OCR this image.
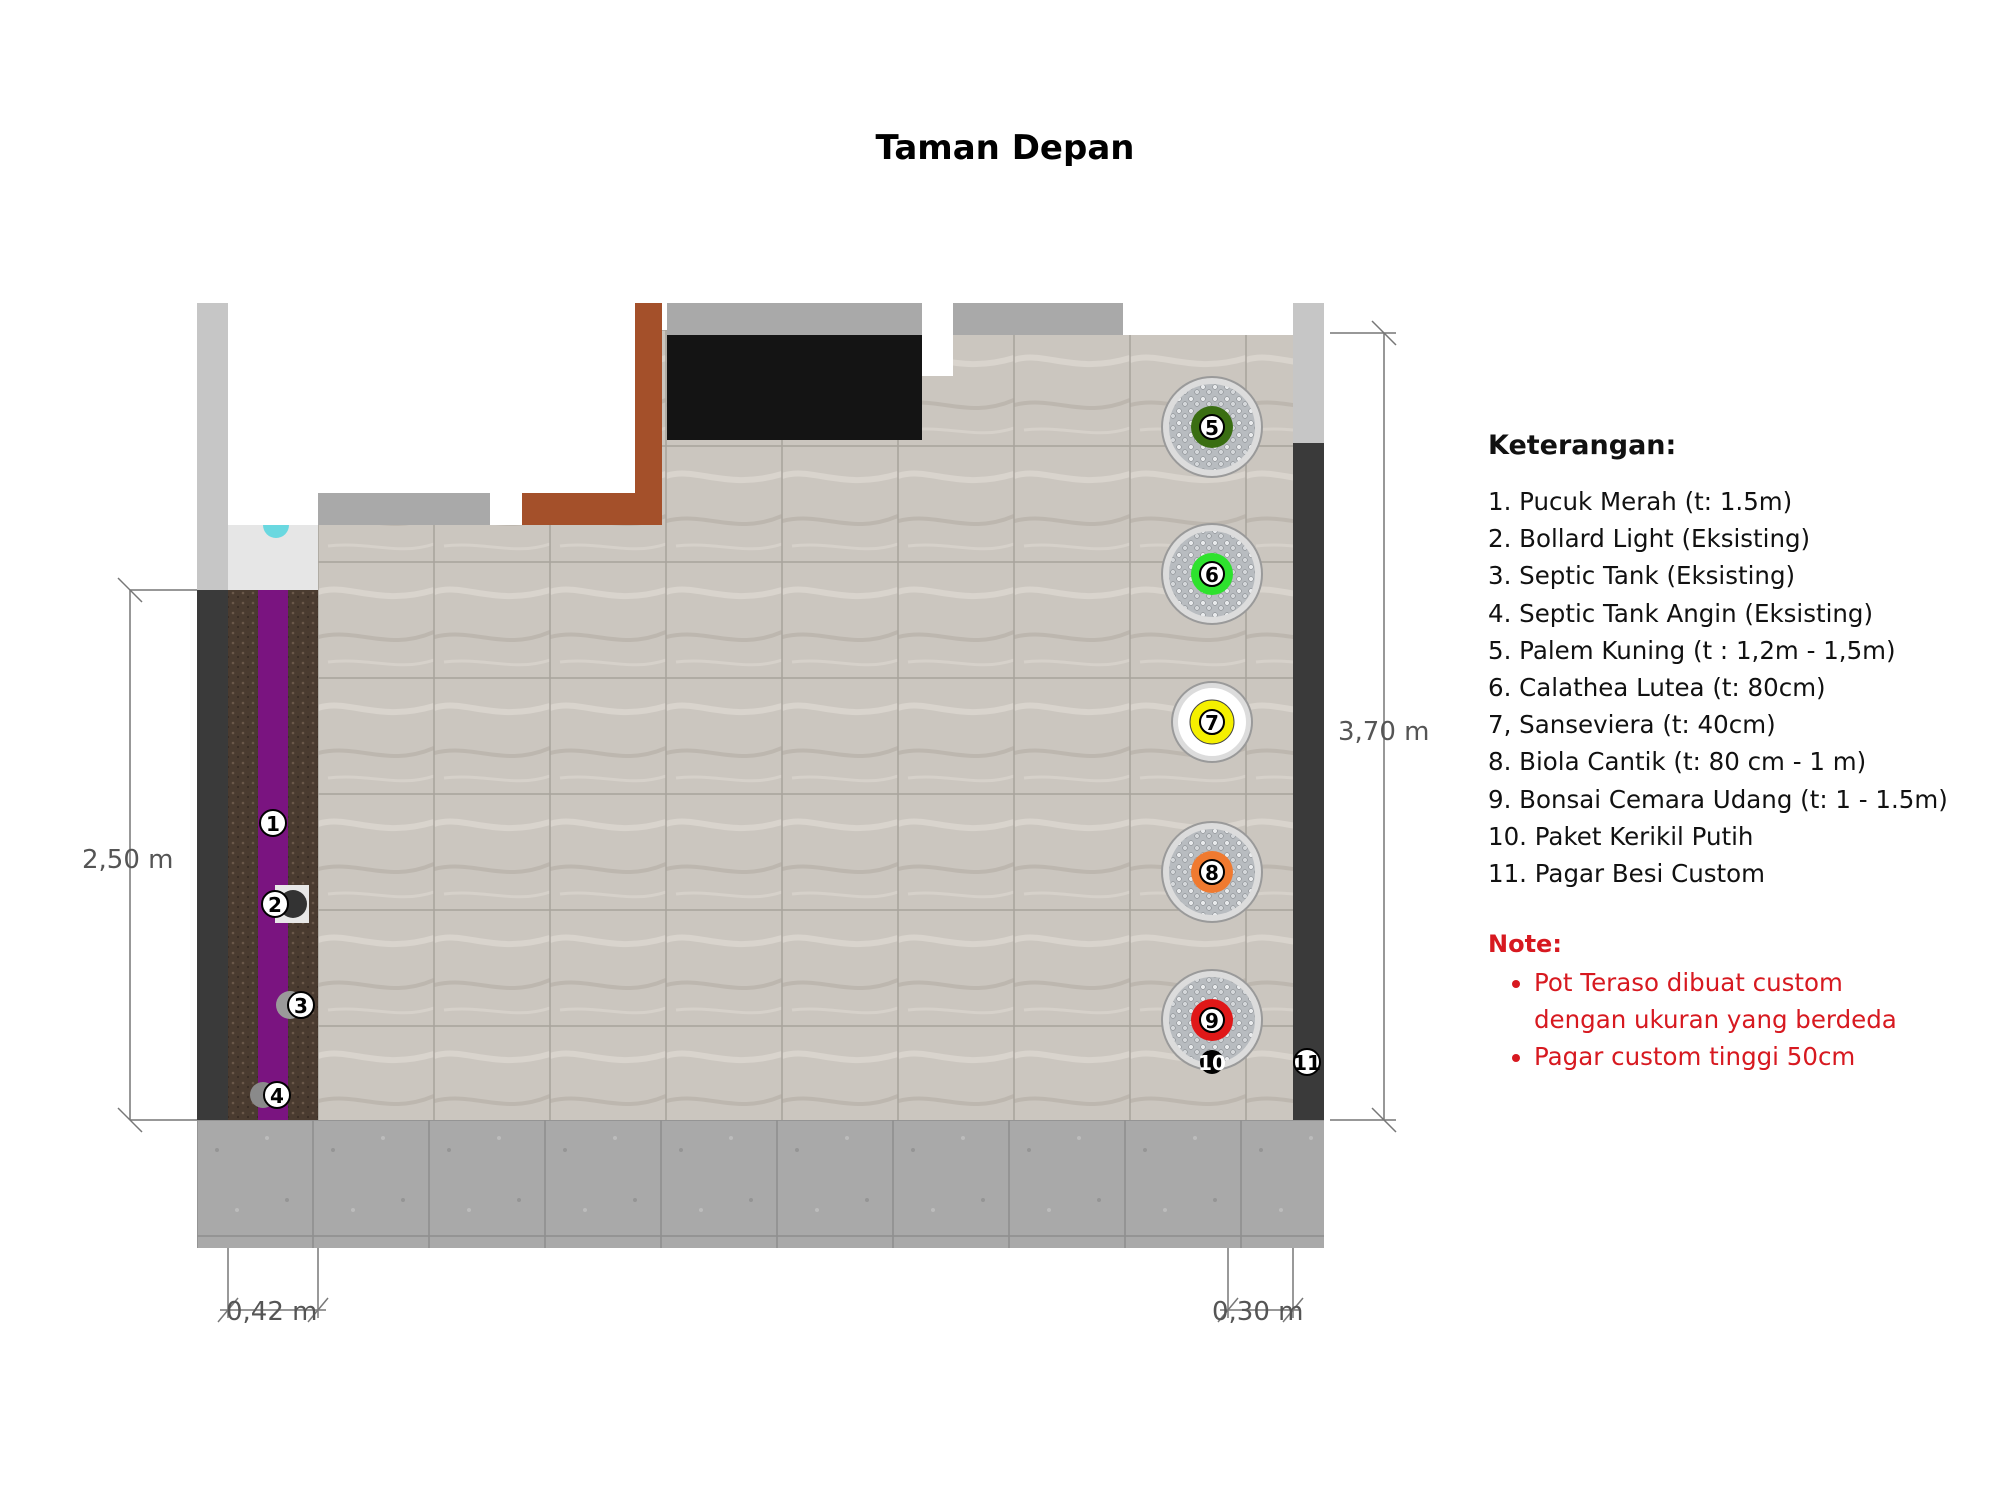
Taman Depan
5
6
7
8
9
10	11
1
2
3
4
2,50 m
3,70 m
0,42 m	0,30 m
Keterangan:
1. Pucuk Merah (t: 1.5m)
2. Bollard Light (Eksisting)
3. Septic Tank (Eksisting)
4. Septic Tank Angin (Eksisting)
5. Palem Kuning (t : 1,2m - 1,5m)
6. Calathea Lutea (t: 80cm)
7, Sanseviera (t: 40cm)
8. Biola Cantik (t: 80 cm - 1 m)
9. Bonsai Cemara Udang (t: 1 - 1.5m)
10. Paket Kerikil Putih
11. Pagar Besi Custom
Note:
• Pot Teraso dibuat custom dengan ukuran yang berdeda
• Pagar custom tinggi 50cm
